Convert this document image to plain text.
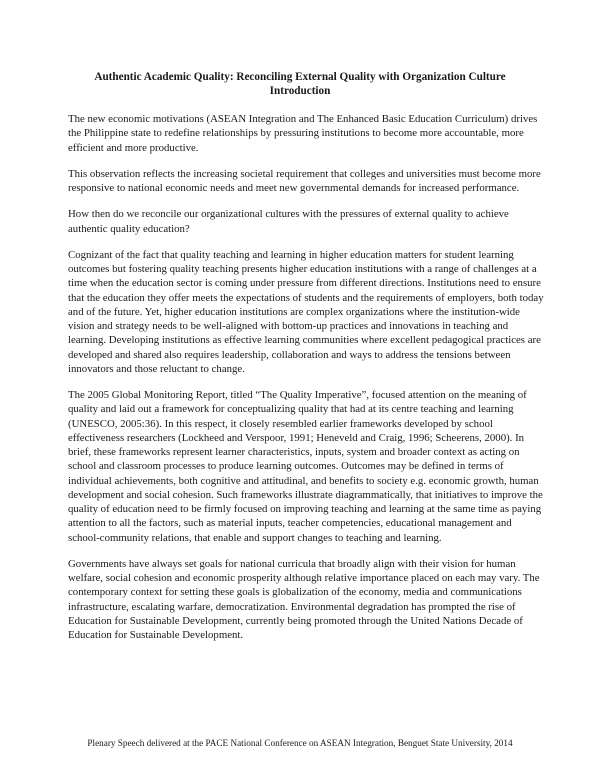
Authentic Academic Quality: Reconciling External Quality with Organization Culture
Introduction

The new economic motivations (ASEAN Integration and The Enhanced Basic Education Curriculum) drives the Philippine state to redefine relationships by pressuring institutions to become more accountable, more efficient and more productive.

This observation reflects the increasing societal requirement that colleges and universities must become more responsive to national economic needs and meet new governmental demands for increased performance.

How then do we reconcile our organizational cultures with the pressures of external quality to achieve authentic quality education?

Cognizant of the fact that quality teaching and learning in higher education matters for student learning outcomes but fostering quality teaching presents higher education institutions with a range of challenges at a time when the education sector is coming under pressure from different directions. Institutions need to ensure that the education they offer meets the expectations of students and the requirements of employers, both today and of the future. Yet, higher education institutions are complex organizations where the institution-wide vision and strategy needs to be well-aligned with bottom-up practices and innovations in teaching and learning. Developing institutions as effective learning communities where excellent pedagogical practices are developed and shared also requires leadership, collaboration and ways to address the tensions between innovators and those reluctant to change.

The 2005 Global Monitoring Report, titled “The Quality Imperative”, focused attention on the meaning of quality and laid out a framework for conceptualizing quality that had at its centre teaching and learning (UNESCO, 2005:36). In this respect, it closely resembled earlier frameworks developed by school effectiveness researchers (Lockheed and Verspoor, 1991; Heneveld and Craig, 1996; Scheerens, 2000). In brief, these frameworks represent learner characteristics, inputs, system and broader context as acting on school and classroom processes to produce learning outcomes. Outcomes may be defined in terms of individual achievements, both cognitive and attitudinal, and benefits to society e.g. economic growth, human development and social cohesion. Such frameworks illustrate diagrammatically, that initiatives to improve the quality of education need to be firmly focused on improving teaching and learning at the same time as paying attention to all the factors, such as material inputs, teacher competencies, educational management and school-community relations, that enable and support changes to teaching and learning.

Governments have always set goals for national curricula that broadly align with their vision for human welfare, social cohesion and economic prosperity although relative importance placed on each may vary. The contemporary context for setting these goals is globalization of the economy, media and communications infrastructure, escalating warfare, democratization. Environmental degradation has prompted the rise of Education for Sustainable Development, currently being promoted through the United Nations Decade of Education for Sustainable Development.

Plenary Speech delivered at the PACE National Conference on ASEAN Integration, Benguet State University, 2014
